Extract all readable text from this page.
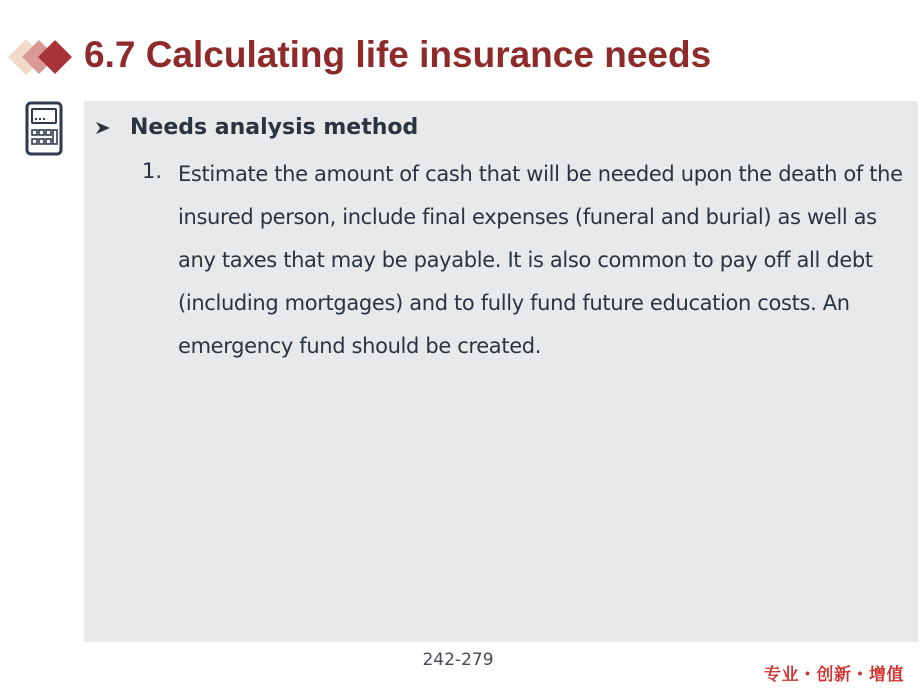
6.7 Calculating life insurance needs
Needs analysis method
1. Estimate the amount of cash that will be needed upon the death of the insured person, include final expenses (funeral and burial) as well as any taxes that may be payable. It is also common to pay off all debt (including mortgages) and to fully fund future education costs. An emergency fund should be created.
242-279
专业・创新・增值
